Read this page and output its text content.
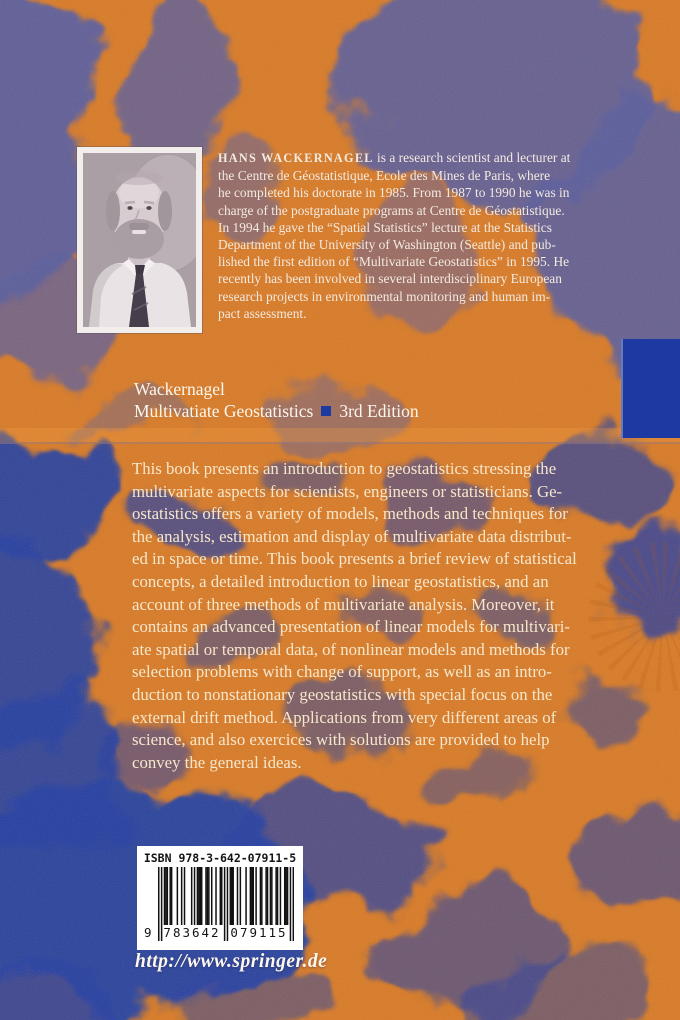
HANS WACKERNAGEL is a research scientist and lecturer at
the Centre de Géostatistique, Ecole des Mines de Paris, where
he completed his doctorate in 1985. From 1987 to 1990 he was in
charge of the postgraduate programs at Centre de Géostatistique.
In 1994 he gave the “Spatial Statistics” lecture at the Statistics
Department of the University of Washington (Seattle) and pub-
lished the first edition of “Multivariate Geostatistics” in 1995. He
recently has been involved in several interdisciplinary European
research projects in environmental monitoring and human im-
pact assessment.
Wackernagel
Multivatiate Geostatistics 3rd Edition
This book presents an introduction to geostatistics stressing the
multivariate aspects for scientists, engineers or statisticians. Ge-
ostatistics offers a variety of models, methods and techniques for
the analysis, estimation and display of multivariate data distribut-
ed in space or time. This book presents a brief review of statistical
concepts, a detailed introduction to linear geostatistics, and an
account of three methods of multivariate analysis. Moreover, it
contains an advanced presentation of linear models for multivari-
ate spatial or temporal data, of nonlinear models and methods for
selection problems with change of support, as well as an intro-
duction to nonstationary geostatistics with special focus on the
external drift method. Applications from very different areas of
science, and also exercices with solutions are provided to help
convey the general ideas.
ISBN 978-3-642-07911-5
9 783642 079115
http://www.springer.de
